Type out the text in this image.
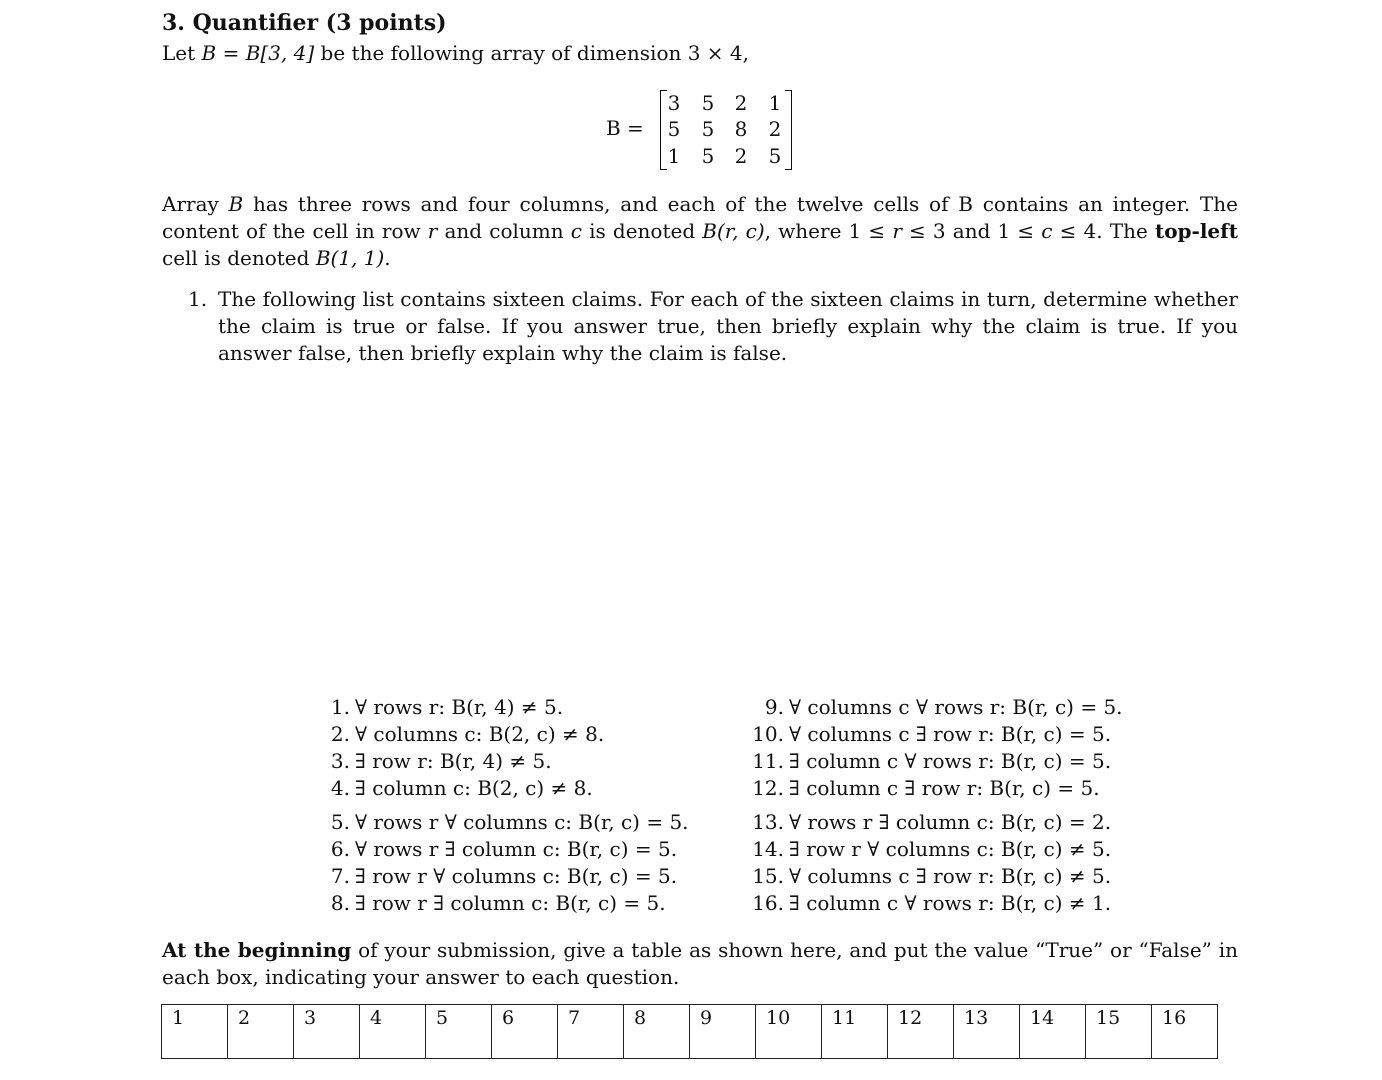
3. Quantifier (3 points)

Let B = B[3, 4] be the following array of dimension 3 × 4,

B =
3 5 2 1
5 5 8 2
1 5 2 5

Array B has three rows and four columns, and each of the twelve cells of B contains an integer. The content of the cell in row r and column c is denoted B(r, c), where 1 ≤ r ≤ 3 and 1 ≤ c ≤ 4. The top-left cell is denoted B(1, 1).

1. The following list contains sixteen claims. For each of the sixteen claims in turn, determine whether the claim is true or false. If you answer true, then briefly explain why the claim is true. If you answer false, then briefly explain why the claim is false.

1. ∀ rows r: B(r, 4) ≠ 5.
2. ∀ columns c: B(2, c) ≠ 8.
3. ∃ row r: B(r, 4) ≠ 5.
4. ∃ column c: B(2, c) ≠ 8.
5. ∀ rows r ∀ columns c: B(r, c) = 5.
6. ∀ rows r ∃ column c: B(r, c) = 5.
7. ∃ row r ∀ columns c: B(r, c) = 5.
8. ∃ row r ∃ column c: B(r, c) = 5.
9. ∀ columns c ∀ rows r: B(r, c) = 5.
10. ∀ columns c ∃ row r: B(r, c) = 5.
11. ∃ column c ∀ rows r: B(r, c) = 5.
12. ∃ column c ∃ row r: B(r, c) = 5.
13. ∀ rows r ∃ column c: B(r, c) = 2.
14. ∃ row r ∀ columns c: B(r, c) ≠ 5.
15. ∀ columns c ∃ row r: B(r, c) ≠ 5.
16. ∃ column c ∀ rows r: B(r, c) ≠ 1.

At the beginning of your submission, give a table as shown here, and put the value “True” or “False” in each box, indicating your answer to each question.

1	2	3	4	5	6	7	8	9	10	11	12	13	14	15	16
